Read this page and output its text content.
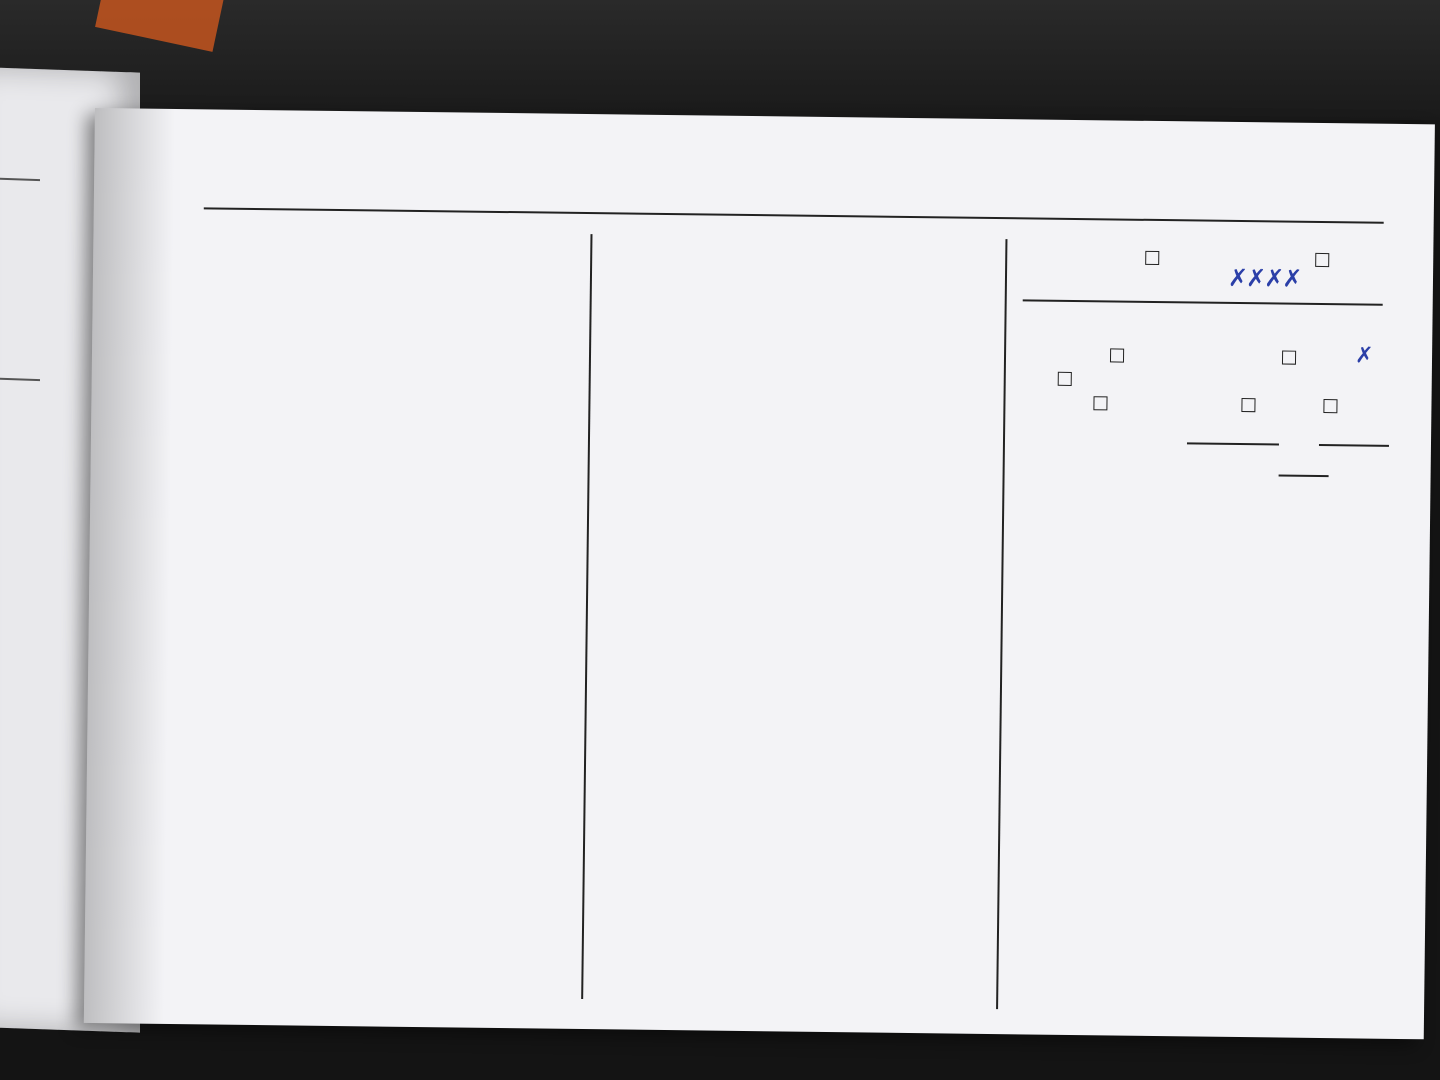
✗✗✗✗
✗
